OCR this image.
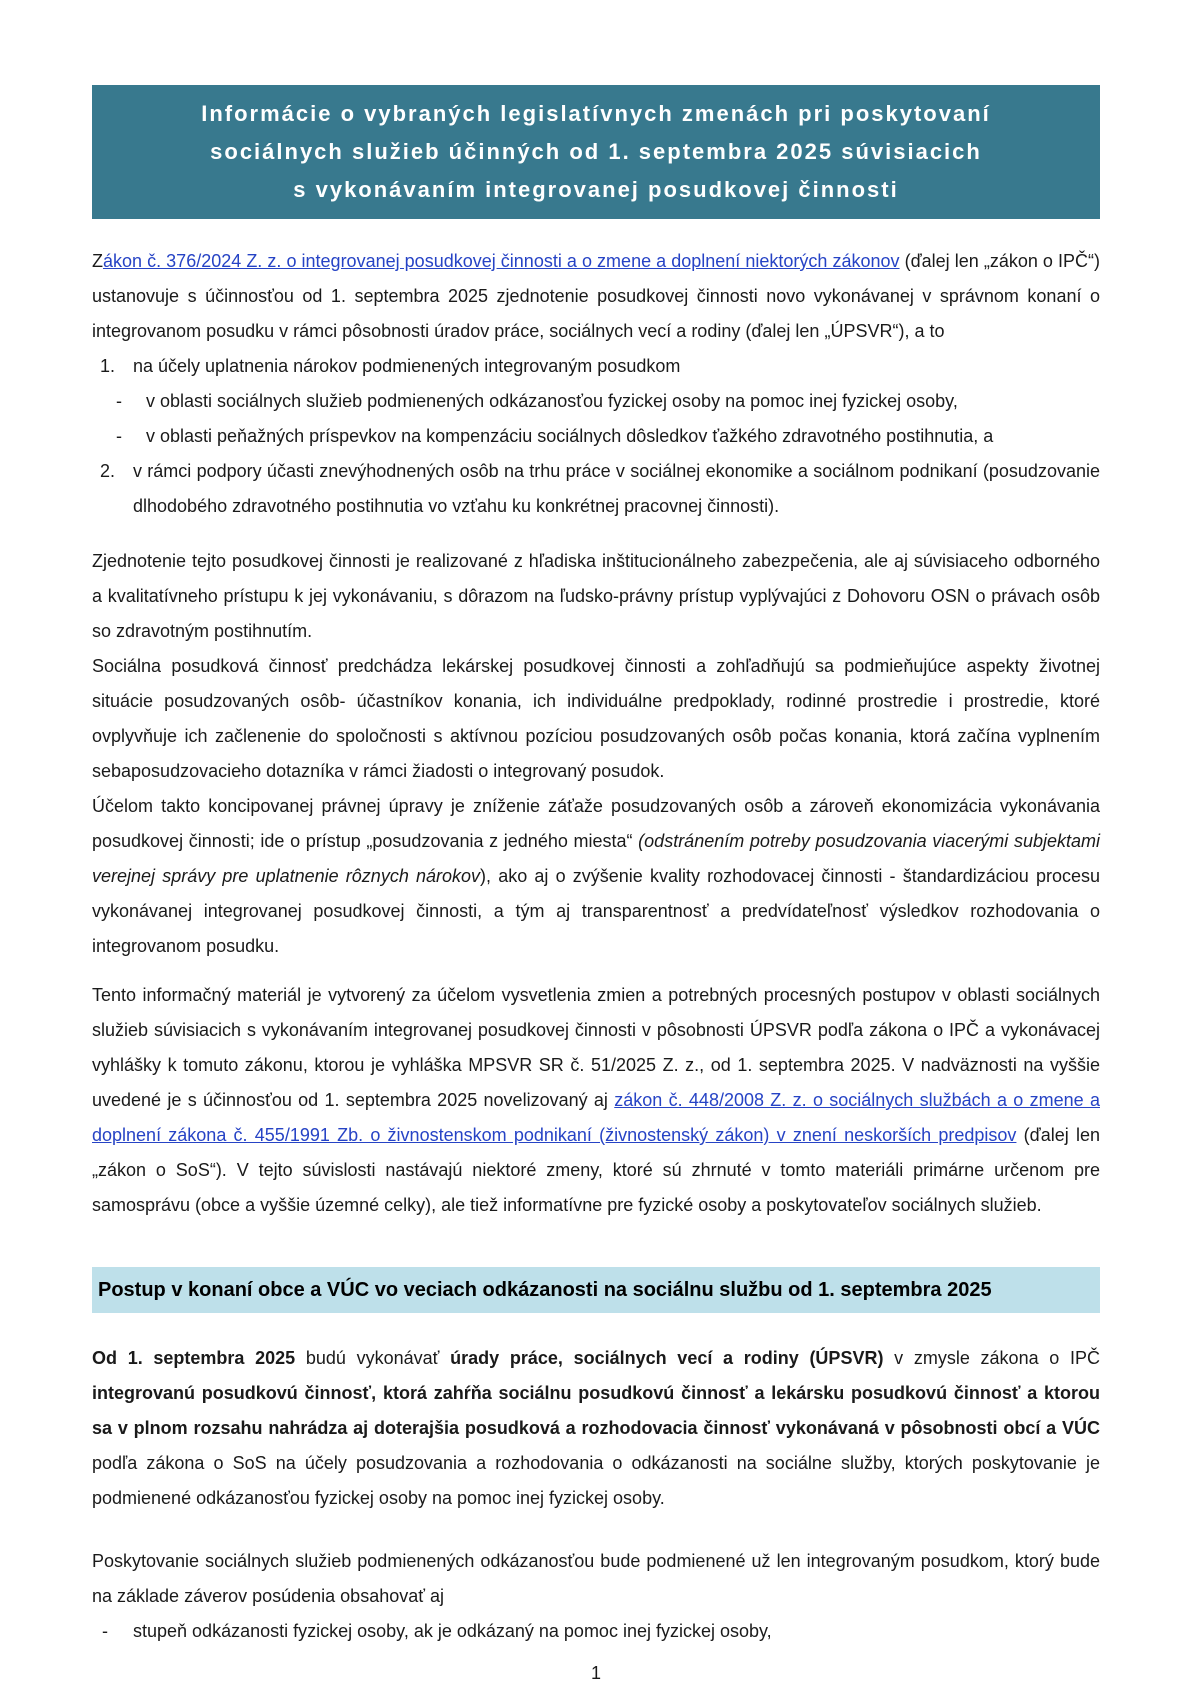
Informácie o vybraných legislatívnych zmenách pri poskytovaní
sociálnych služieb účinných od 1. septembra 2025 súvisiacich
s vykonávaním integrovanej posudkovej činnosti

Zákon č. 376/2024 Z. z. o integrovanej posudkovej činnosti a o zmene a doplnení niektorých zákonov (ďalej len „zákon o IPČ“) ustanovuje s účinnosťou od 1. septembra 2025 zjednotenie posudkovej činnosti novo vykonávanej v správnom konaní o integrovanom posudku v rámci pôsobnosti úradov práce, sociálnych vecí a rodiny (ďalej len „ÚPSVR“), a to

1. na účely uplatnenia nárokov podmienených integrovaným posudkom
-	v oblasti sociálnych služieb podmienených odkázanosťou fyzickej osoby na pomoc inej fyzickej osoby,
-	v oblasti peňažných príspevkov na kompenzáciu sociálnych dôsledkov ťažkého zdravotného postihnutia, a
2. v rámci podpory účasti znevýhodnených osôb na trhu práce v sociálnej ekonomike a sociálnom podnikaní (posudzovanie dlhodobého zdravotného postihnutia vo vzťahu ku konkrétnej pracovnej činnosti).

Zjednotenie tejto posudkovej činnosti je realizované z hľadiska inštitucionálneho zabezpečenia, ale aj súvisiaceho odborného a kvalitatívneho prístupu k jej vykonávaniu, s dôrazom na ľudsko-právny prístup vyplývajúci z Dohovoru OSN o právach osôb so zdravotným postihnutím.

Sociálna posudková činnosť predchádza lekárskej posudkovej činnosti a zohľadňujú sa podmieňujúce aspekty životnej situácie posudzovaných osôb- účastníkov konania, ich individuálne predpoklady, rodinné prostredie i prostredie, ktoré ovplyvňuje ich začlenenie do spoločnosti s aktívnou pozíciou posudzovaných osôb počas konania, ktorá začína vyplnením sebaposudzovacieho dotazníka v rámci žiadosti o integrovaný posudok.

Účelom takto koncipovanej právnej úpravy je zníženie záťaže posudzovaných osôb a zároveň ekonomizácia vykonávania posudkovej činnosti; ide o prístup „posudzovania z jedného miesta“ (odstránením potreby posudzovania viacerými subjektami verejnej správy pre uplatnenie rôznych nárokov), ako aj o zvýšenie kvality rozhodovacej činnosti - štandardizáciou procesu vykonávanej integrovanej posudkovej činnosti, a tým aj transparentnosť a predvídateľnosť výsledkov rozhodovania o integrovanom posudku.

Tento informačný materiál je vytvorený za účelom vysvetlenia zmien a potrebných procesných postupov v oblasti sociálnych služieb súvisiacich s vykonávaním integrovanej posudkovej činnosti v pôsobnosti ÚPSVR podľa zákona o IPČ a vykonávacej vyhlášky k tomuto zákonu, ktorou je vyhláška MPSVR SR č. 51/2025 Z. z., od 1. septembra 2025. V nadväznosti na vyššie uvedené je s účinnosťou od 1. septembra 2025 novelizovaný aj zákon č. 448/2008 Z. z. o sociálnych službách a o zmene a doplnení zákona č. 455/1991 Zb. o živnostenskom podnikaní (živnostenský zákon) v znení neskorších predpisov (ďalej len „zákon o SoS“). V tejto súvislosti nastávajú niektoré zmeny, ktoré sú zhrnuté v tomto materiáli primárne určenom pre samosprávu (obce a vyššie územné celky), ale tiež informatívne pre fyzické osoby a poskytovateľov sociálnych služieb.

Postup v konaní obce a VÚC vo veciach odkázanosti na sociálnu službu od 1. septembra 2025

Od 1. septembra 2025 budú vykonávať úrady práce, sociálnych vecí a rodiny (ÚPSVR) v zmysle zákona o IPČ integrovanú posudkovú činnosť, ktorá zahŕňa sociálnu posudkovú činnosť a lekársku posudkovú činnosť a ktorou sa v plnom rozsahu nahrádza aj doterajšia posudková a rozhodovacia činnosť vykonávaná v pôsobnosti obcí a VÚC podľa zákona o SoS na účely posudzovania a rozhodovania o odkázanosti na sociálne služby, ktorých poskytovanie je podmienené odkázanosťou fyzickej osoby na pomoc inej fyzickej osoby.

Poskytovanie sociálnych služieb podmienených odkázanosťou bude podmienené už len integrovaným posudkom, ktorý bude na základe záverov posúdenia obsahovať aj

-	stupeň odkázanosti fyzickej osoby, ak je odkázaný na pomoc inej fyzickej osoby,
1
